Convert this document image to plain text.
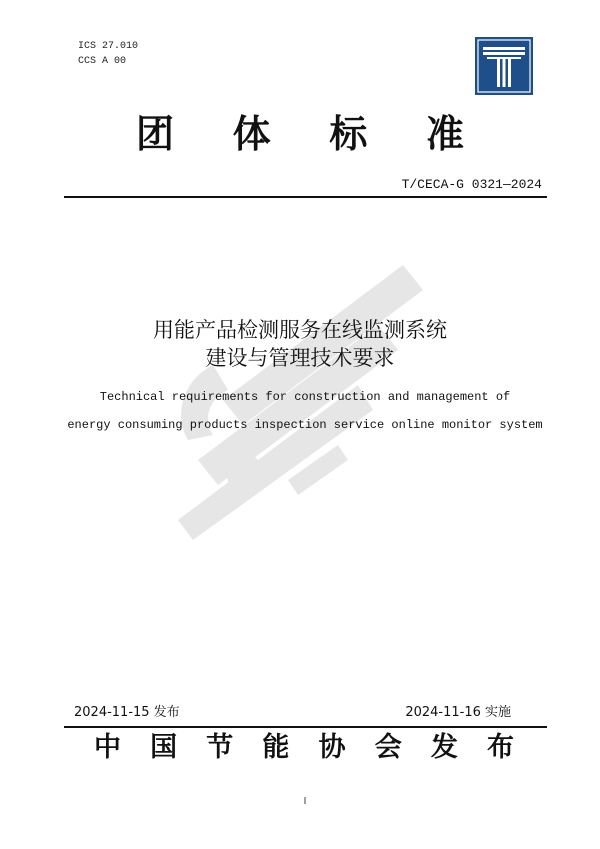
ICS 27.010
CCS A 00
团 体 标 准
T/CECA-G 0321—2024
用能产品检测服务在线监测系统
建设与管理技术要求
Technical requirements for construction and management of
energy consuming products inspection service online monitor system
2024-11-15 发布	2024-11-16 实施
中 国 节 能 协 会 发 布
I
